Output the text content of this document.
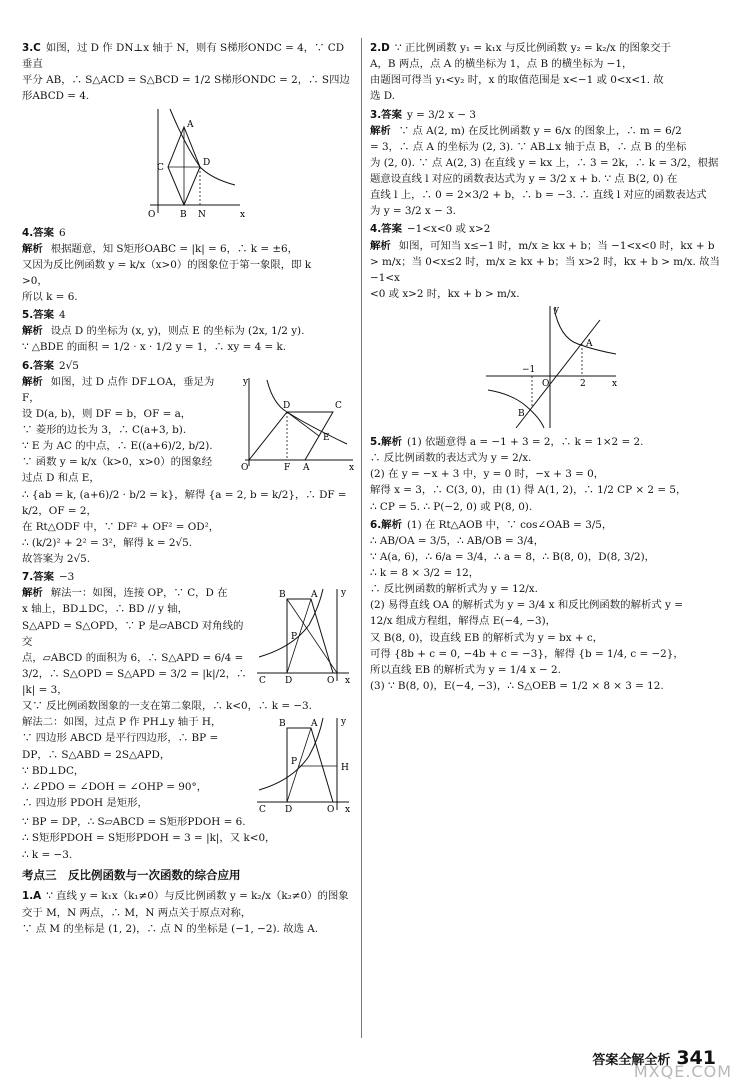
3.C 如图，过 D 作 DN⊥x 轴于 N，则有 S梯形ONDC = 4，∵ CD 垂直
平分 AB，∴ S△ACD = S△BCD = 1/2 S梯形ONDC = 2，∴ S四边形ABCD = 4.
A
C	D
O	B N	x
4.答案 6
解析 根据题意，知 S矩形OABC = |k| = 6，∴ k = ±6，
又因为反比例函数 y = k/x（x>0）的图象位于第一象限，即 k
>0，
所以 k = 6.
5.答案 4
解析 设点 D 的坐标为 (x, y)，则点 E 的坐标为 (2x, 1/2 y).
∵ △BDE 的面积 = 1/2 · x · 1/2 y = 1，∴ xy = 4 = k.
6.答案 2√5
解析 如图，过 D 点作 DF⊥OA，垂足为 F，
设 D(a, b)，则 DF = b，OF = a，
∵ 菱形的边长为 3，∴ C(a+3, b).
∵ E 为 AC 的中点，∴ E((a+6)/2, b/2).
∵ 函数 y = k/x（k>0，x>0）的图象经
过点 D 和点 E，
y
D	C
E
O	F A	x
∴ {ab = k, (a+6)/2 · b/2 = k}，解得 {a = 2, b = k/2}，∴ DF = k/2，OF = 2，
在 Rt△ODF 中，∵ DF² + OF² = OD²，
∴ (k/2)² + 2² = 3²，解得 k = 2√5.
故答案为 2√5.
7.答案 −3
解析 解法一：如图，连接 OP，∵ C，D 在
x 轴上，BD⊥DC，∴ BD // y 轴，
S△APD = S△OPD，∵ P 是▱ABCD 对角线的交
点，▱ABCD 的面积为 6，∴ S△APD = 6/4 =
3/2，∴ S△OPD = S△APD = 3/2 = |k|/2，∴ |k| = 3，
y
A
B
P
C D	O x
又∵ 反比例函数图象的一支在第二象限，∴ k<0，∴ k = −3.
解法二：如图，过点 P 作 PH⊥y 轴于 H，
∵ 四边形 ABCD 是平行四边形，∴ BP =
DP，∴ S△ABD = 2S△APD，
∵ BD⊥DC，
∴ ∠PDO = ∠DOH = ∠OHP = 90°，
∴ 四边形 PDOH 是矩形，
y
A
B
P
H
C D	O x
∵ BP = DP，∴ S▱ABCD = S矩形PDOH = 6.
∴ S矩形PDOH = S矩形PDOH = 3 = |k|，又 k<0，
∴ k = −3.
考点三　反比例函数与一次函数的综合应用
1.A ∵ 直线 y = k₁x（k₁≠0）与反比例函数 y = k₂/x（k₂≠0）的图象
交于 M，N 两点，∴ M，N 两点关于原点对称，
∵ 点 M 的坐标是 (1, 2)，∴ 点 N 的坐标是 (−1, −2). 故选 A.
2.D ∵ 正比例函数 y₁ = k₁x 与反比例函数 y₂ = k₂/x 的图象交于
A，B 两点，点 A 的横坐标为 1，点 B 的横坐标为 −1，
由题图可得当 y₁<y₂ 时，x 的取值范围是 x<−1 或 0<x<1. 故
选 D.
3.答案 y = 3/2 x − 3
解析 ∵ 点 A(2, m) 在反比例函数 y = 6/x 的图象上，∴ m = 6/2
= 3，∴ 点 A 的坐标为 (2, 3). ∵ AB⊥x 轴于点 B，∴ 点 B 的坐标
为 (2, 0). ∵ 点 A(2, 3) 在直线 y = kx 上，∴ 3 = 2k，∴ k = 3/2，根据
题意设直线 l 对应的函数表达式为 y = 3/2 x + b. ∵ 点 B(2, 0) 在
直线 l 上，∴ 0 = 2×3/2 + b，∴ b = −3. ∴ 直线 l 对应的函数表达式
为 y = 3/2 x − 3.
4.答案 −1<x<0 或 x>2
解析 如图，可知当 x≤−1 时，m/x ≥ kx + b；当 −1<x<0 时，kx + b
> m/x；当 0<x≤2 时，m/x ≥ kx + b；当 x>2 时，kx + b > m/x. 故当 −1<x
<0 或 x>2 时，kx + b > m/x.
y
A
B
O
−1
2	x
5.解析 (1) 依题意得 a = −1 + 3 = 2，∴ k = 1×2 = 2.
∴ 反比例函数的表达式为 y = 2/x.
(2) 在 y = −x + 3 中，y = 0 时，−x + 3 = 0，
解得 x = 3，∴ C(3, 0)，由 (1) 得 A(1, 2)，∴ 1/2 CP × 2 = 5，
∴ CP = 5. ∴ P(−2, 0) 或 P(8, 0).
6.解析 (1) 在 Rt△AOB 中，∵ cos∠OAB = 3/5，
∴ AB/OA = 3/5，∴ AB/OB = 3/4，
∵ A(a, 6)，∴ 6/a = 3/4，∴ a = 8，∴ B(8, 0)，D(8, 3/2)，
∴ k = 8 × 3/2 = 12，
∴ 反比例函数的解析式为 y = 12/x.
(2) 易得直线 OA 的解析式为 y = 3/4 x 和反比例函数的解析式 y =
12/x 组成方程组，解得点 E(−4, −3)，
又 B(8, 0)，设直线 EB 的解析式为 y = bx + c，
可得 {8b + c = 0, −4b + c = −3}，解得 {b = 1/4, c = −2}，
所以直线 EB 的解析式为 y = 1/4 x − 2.
(3) ∵ B(8, 0)，E(−4, −3)，∴ S△OEB = 1/2 × 8 × 3 = 12.
答案全解全析 341
MXQE.COM
